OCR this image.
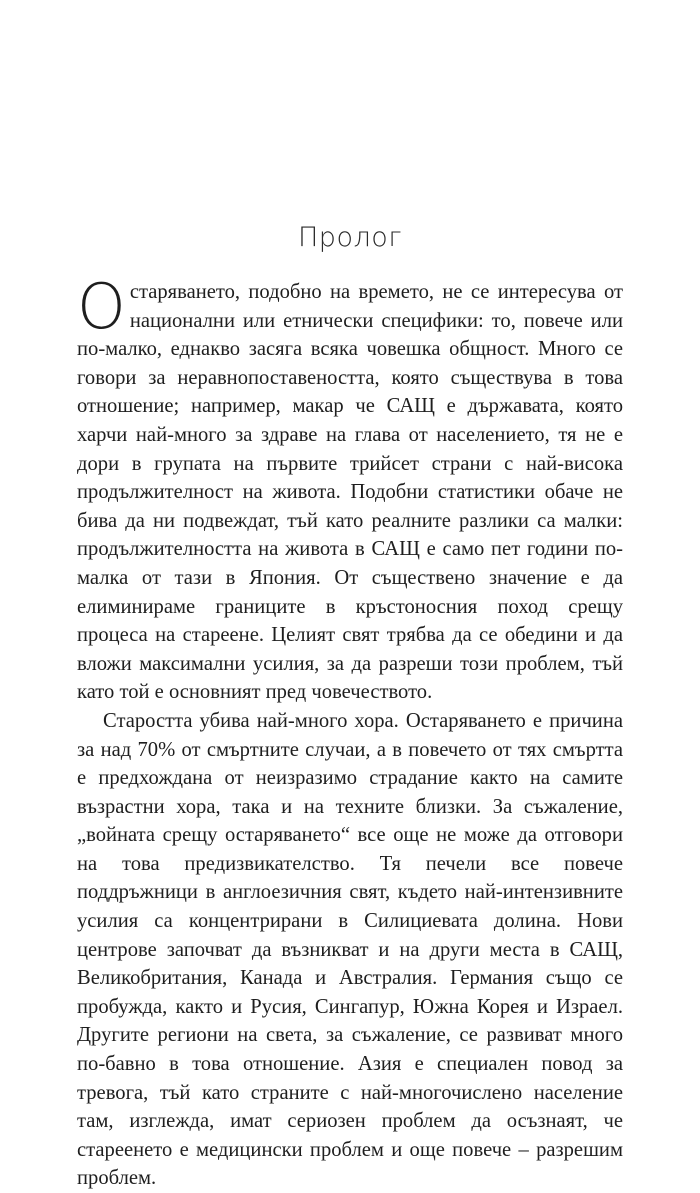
Пролог

Остаряването, подобно на времето, не се интересува от национални или етнически специфики: то, повече или по-малко, еднакво засяга всяка човешка общност. Много се говори за неравнопоставеността, която съществува в това отношение; например, макар че САЩ е държавата, която харчи най-много за здраве на глава от населението, тя не е дори в групата на първите трийсет страни с най-висока продължителност на живота. Подобни статистики обаче не бива да ни подвеждат, тъй като реалните разлики са малки: продължителността на живота в САЩ е само пет години по-малка от тази в Япония. От съществено значение е да елиминираме границите в кръстоносния поход срещу процеса на стареене. Целият свят трябва да се обедини и да вложи максимални усилия, за да разреши този проблем, тъй като той е основният пред човечеството.

Старостта убива най-много хора. Остаряването е причина за над 70% от смъртните случаи, а в повечето от тях смъртта е предхождана от неизразимо страдание както на самите възрастни хора, така и на техните близки. За съжаление, „войната срещу остаряването“ все още не може да отговори на това предизвикателство. Тя печели все повече поддръжници в англоезичния свят, където най-интензивните усилия са концентрирани в Силициевата долина. Нови центрове започват да възникват и на други места в САЩ, Великобритания, Канада и Австралия. Германия също се пробужда, както и Русия, Сингапур, Южна Корея и Израел. Другите региони на света, за съжаление, се развиват много по-бавно в това отношение. Азия е специален повод за тревога, тъй като страните с най-многочислено население там, изглежда, имат сериозен проблем да осъзнаят, че стареенето е медицински проблем и още повече – разрешим проблем.
